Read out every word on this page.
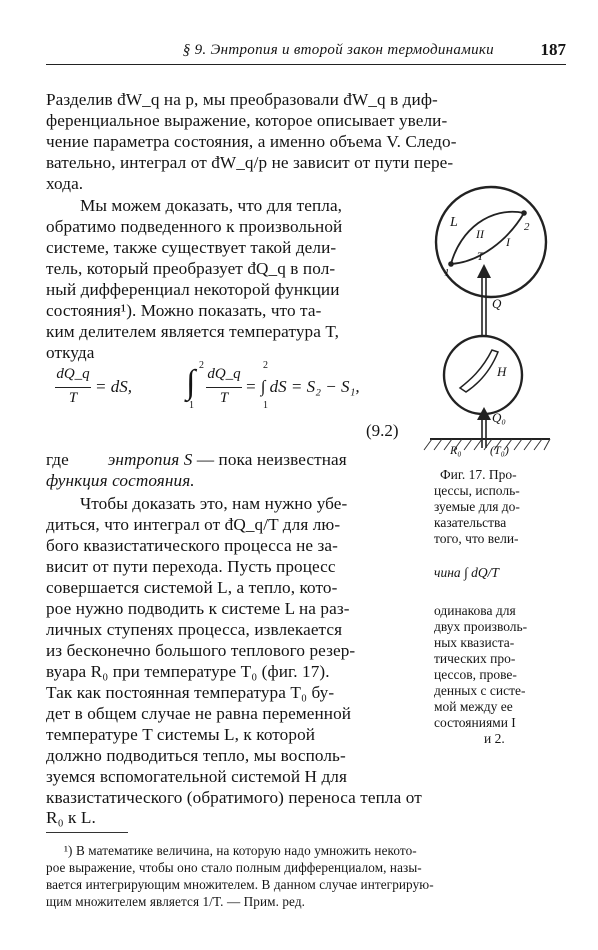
§ 9. Энтропия и второй закон термодинамики	187
Разделив đW_q на p, мы преобразовали đW_q в диф-
ференциальное выражение, которое описывает увели-
чение параметра состояния, а именно объема V. Следо-
вательно, интеграл от đW_q/p не зависит от пути пере-
хода.
Мы можем доказать, что для тепла,
обратимо подведенного к произвольной
системе, также существует такой дели-
тель, который преобразует đQ_q в пол-
ный дифференциал некоторой функции
состояния¹). Можно показать, что та-
ким делителем является температура T,
откуда
dQ_q
T
= dS,
2
∫
1
dQ_q
T
2
1
= ∫ dS = S₂ − S₁,
(9.2)
где энтропия S — пока неизвестная
функция состояния.
Чтобы доказать это, нам нужно убе-
диться, что интеграл от đQ_q/T для лю-
бого квазистатического процесса не за-
висит от пути перехода. Пусть процесс
совершается системой L, а тепло, кото-
рое нужно подводить к системе L на раз-
личных ступенях процесса, извлекается
из бесконечно большого теплового резер-
вуара R₀ при температуре T₀ (фиг. 17).
Так как постоянная температура T₀ бу-
дет в общем случае не равна переменной
температуре T системы L, к которой
должно подводиться тепло, мы восполь-
зуемся вспомогательной системой H для
квазистатического (обратимого) переноса тепла от
R₀ к L.
¹) В математике величина, на которую надо умножить некото-
рое выражение, чтобы оно стало полным дифференциалом, назы-
вается интегрирующим множителем. В данном случае интегрирую-
щим множителем является 1/T. — Прим. ред.
L
1
2
I
II
T
Q
H
Q₀
R₀ (T₀)
Фиг. 17. Про-
цессы, исполь-
зуемые для до-
казательства
того, что вели-
чина ∫ dQ/T
одинакова для
двух произволь-
ных квазиста-
тических про-
цессов, прове-
денных с систе-
мой между ее
состояниями I
и 2.
